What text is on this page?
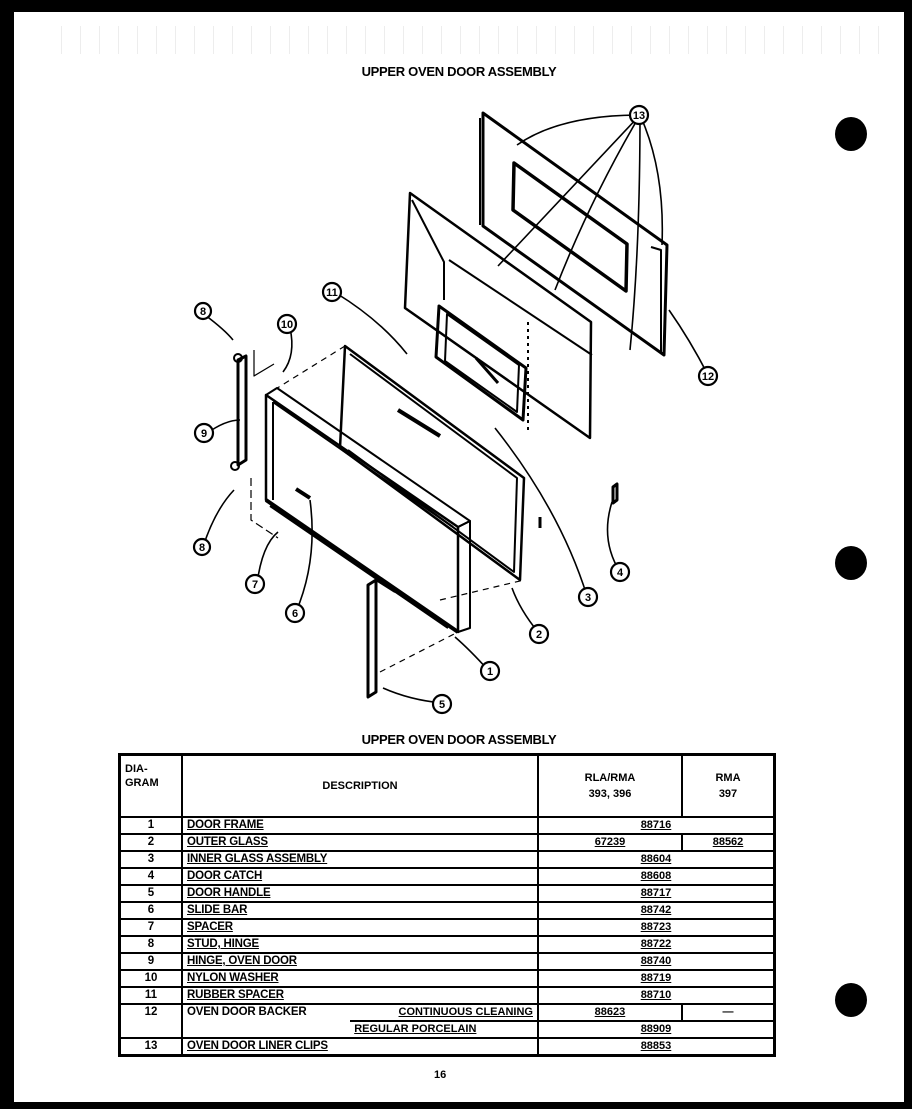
UPPER OVEN DOOR ASSEMBLY
13
12
11
8
10
9
8
7
6
1
2
3
4
5
UPPER OVEN DOOR ASSEMBLY
DIA-
GRAM	DESCRIPTION	
RLA/RMA
393, 396

RMA
397

1	DOOR FRAME		88716	
2	OUTER GLASS		67239	88562
3	INNER GLASS ASSEMBLY		88604	
4	DOOR CATCH		88608	
5	DOOR HANDLE		88717	
6	SLIDE BAR		88742	
7	SPACER		88723	
8	STUD, HINGE		88722	
9	HINGE, OVEN DOOR		88740	
10	NYLON WASHER		88719	
11	RUBBER SPACER		88710	
12	OVEN DOOR BACKER	CONTINUOUS CLEANING	88623	—
		REGULAR PORCELAIN	88909	
13	OVEN DOOR LINER CLIPS		88853	
16
